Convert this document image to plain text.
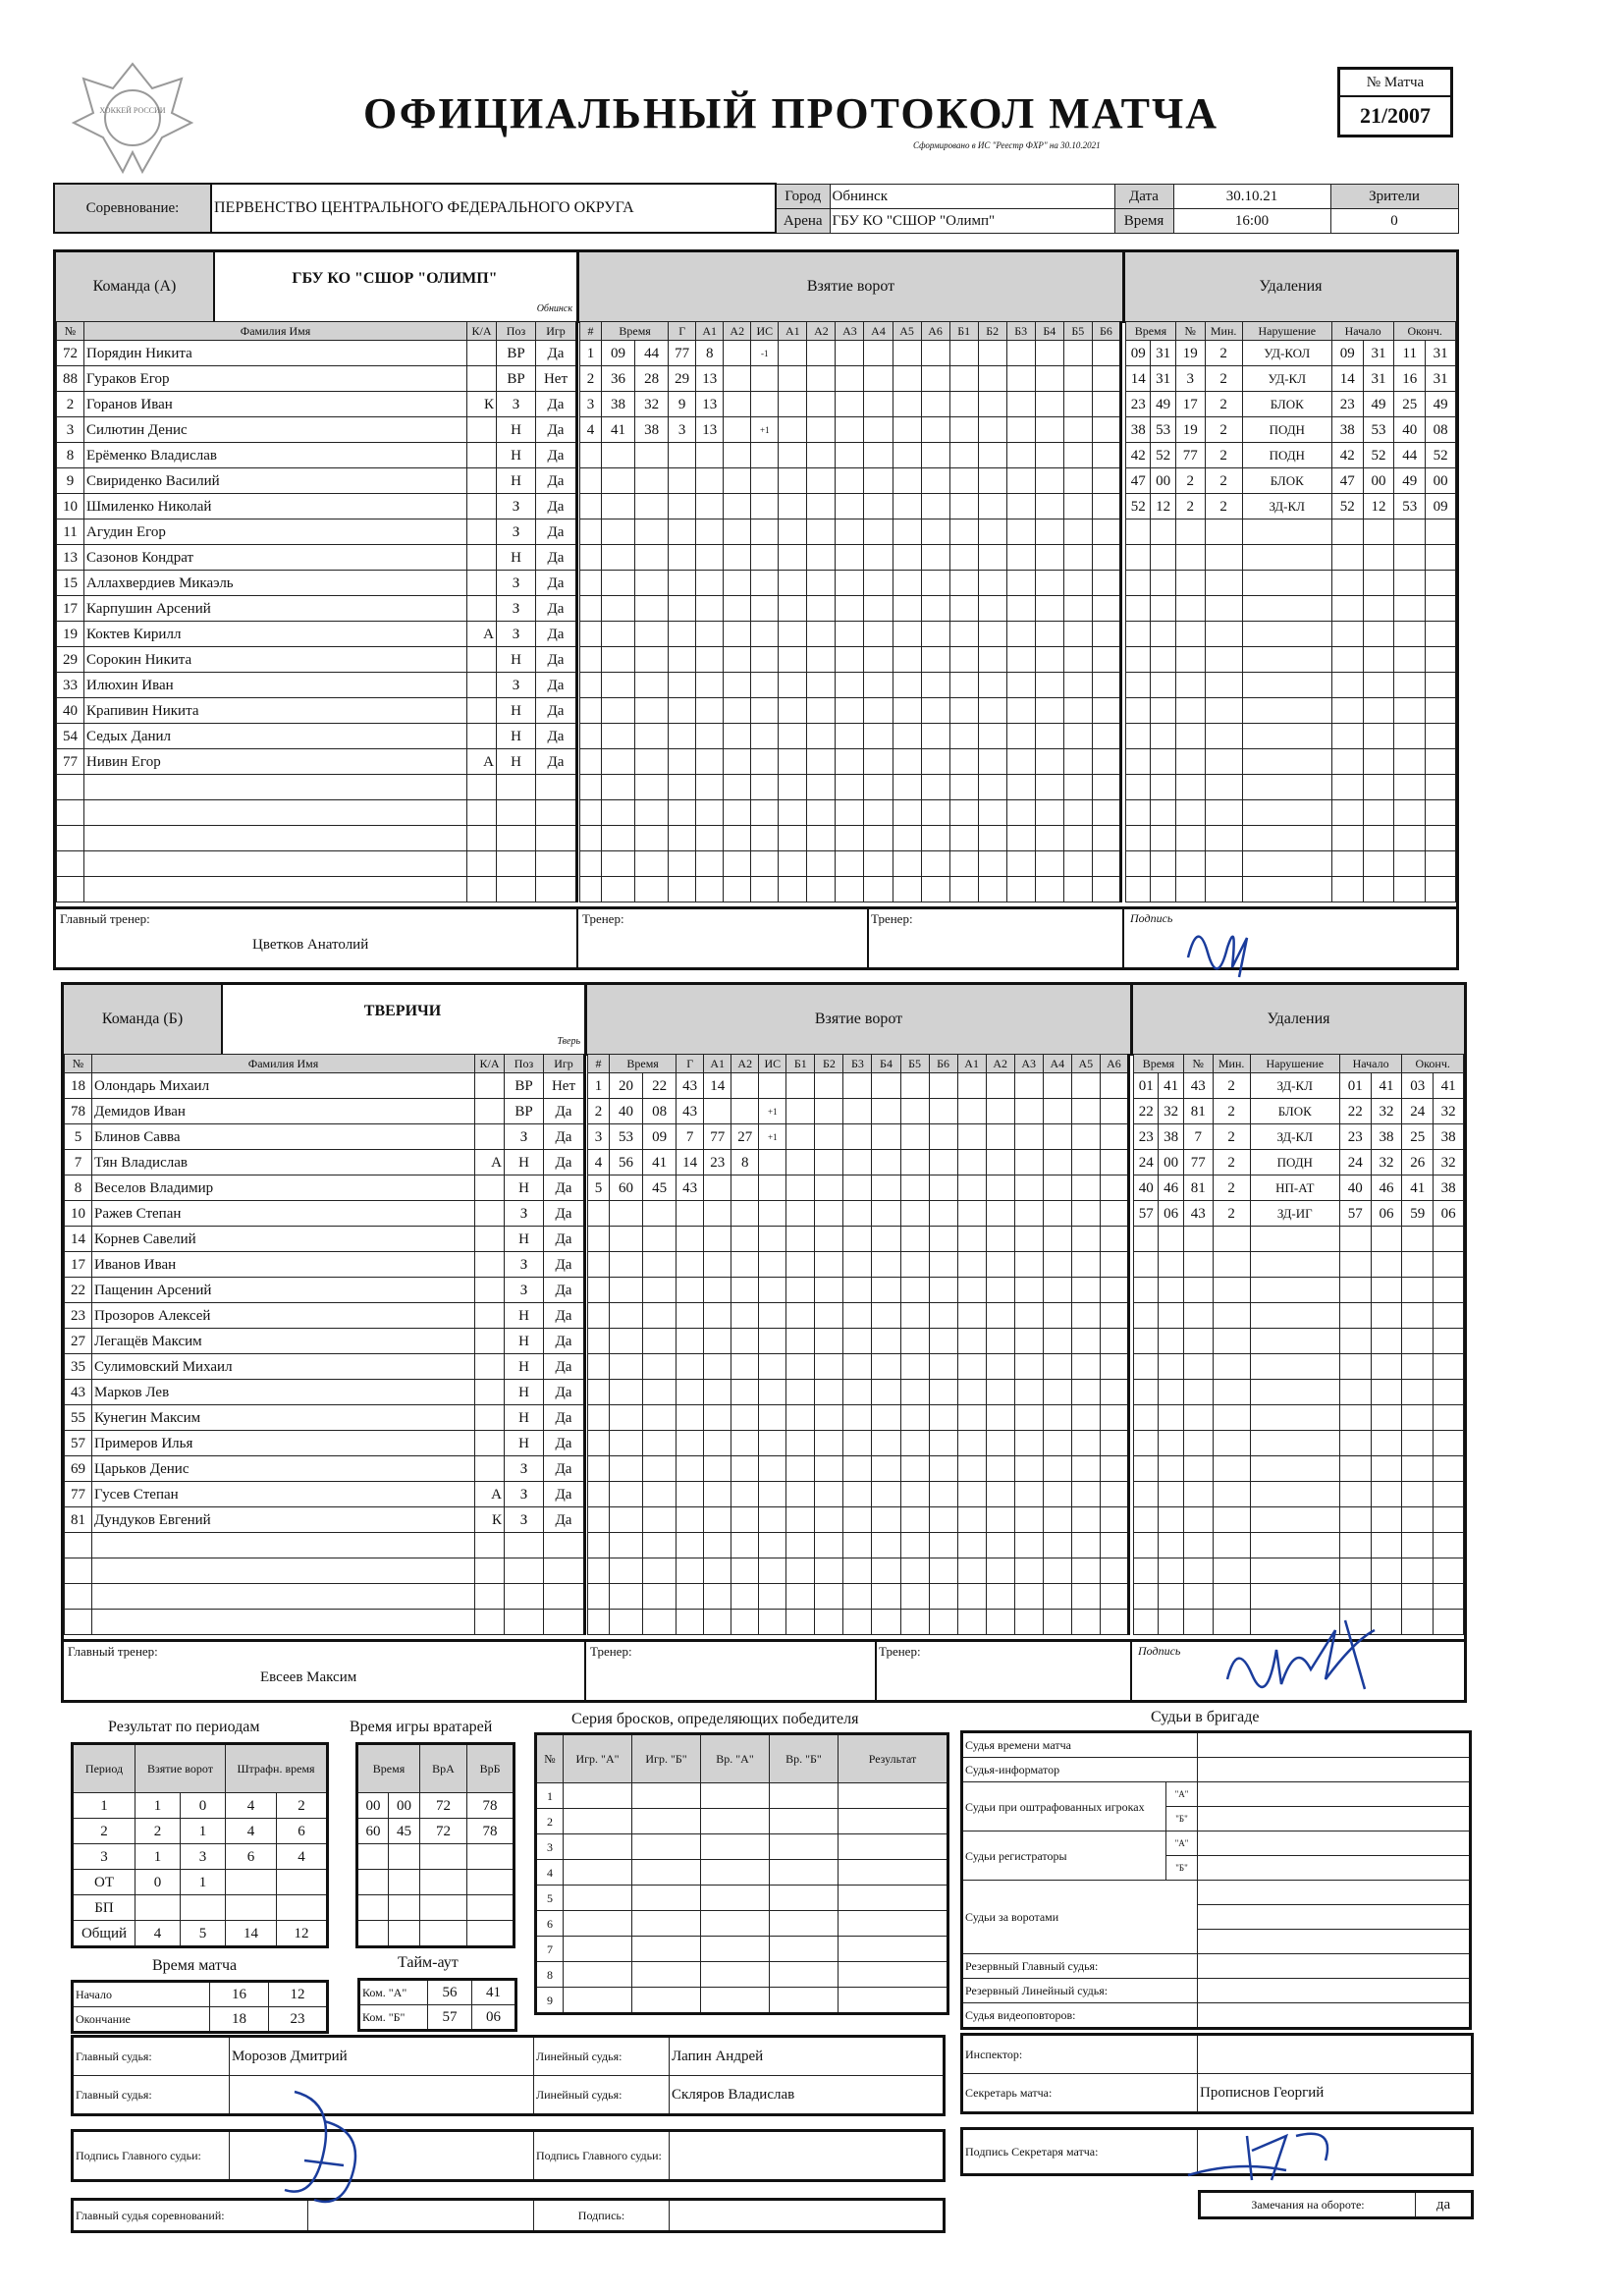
ХОККЕЙ РОССИИ	ОФИЦИАЛЬНЫЙ ПРОТОКОЛ МАТЧА
Сформировано в ИС "Реестр ФХР" на 30.10.2021
№ Матча
21/2007
Соревнование:	ПЕРВЕНСТВО ЦЕНТРАЛЬНОГО ФЕДЕРАЛЬНОГО ОКРУГА	Город	Обнинск	Дата	30.10.21	Зрители
		Арена	ГБУ КО "СШОР "Олимп"	Время	16:00	0
Команда (А)	ГБУ КО "СШОР "ОЛИМП"
Обнинск
Взятие ворот	Удаления
№	Фамилия Имя	К/А	Поз	Игр
72	Порядин Никита		ВР	Да
88	Гураков Егор		ВР	Нет
2	Горанов Иван	К	З	Да
3	Силютин Денис		Н	Да
8	Ерёменко Владислав		Н	Да
9	Свириденко Василий		Н	Да
10	Шмиленко Николай		З	Да
11	Агудин Егор		З	Да
13	Сазонов Кондрат		Н	Да
15	Аллахвердиев Микаэль		З	Да
17	Карпушин Арсений		З	Да
19	Коктев Кирилл	А	З	Да
29	Сорокин Никита		Н	Да
33	Илюхин Иван		З	Да
40	Крапивин Никита		Н	Да
54	Седых Данил		Н	Да
77	Нивин Егор	А	Н	Да

#	Время		Г	А1	А2	ИС	А1	А2	А3	А4	А5	А6	Б1	Б2	Б3	Б4	Б5	Б6
1	09	44	77	8		-1												
2	36	28	29	13														
3	38	32	9	13														
4	41	38	3	13		+1												

Время		№	Мин.	Нарушение	Начало		Оконч.	
09	31	19	2	УД-КОЛ	09	31	11	31
14	31	3	2	УД-КЛ	14	31	16	31
23	49	17	2	БЛОК	23	49	25	49
38	53	19	2	ПОДН	38	53	40	08
42	52	77	2	ПОДН	42	52	44	52
47	00	2	2	БЛОК	47	00	49	00
52	12	2	2	ЗД-КЛ	52	12	53	09

Главный тренер:
Цветков Анатолий
Тренер:	Тренер:	Подпись
Команда (Б)	ТВЕРИЧИ
Тверь
Взятие ворот	Удаления
№	Фамилия Имя	К/А	Поз	Игр
18	Олондарь Михаил		ВР	Нет
78	Демидов Иван		ВР	Да
5	Блинов Савва		З	Да
7	Тян Владислав	А	Н	Да
8	Веселов Владимир		Н	Да
10	Ражев Степан		З	Да
14	Корнев Савелий		Н	Да
17	Иванов Иван		З	Да
22	Пащенин Арсений		З	Да
23	Прозоров Алексей		Н	Да
27	Легащёв Максим		Н	Да
35	Сулимовский Михаил		Н	Да
43	Марков Лев		Н	Да
55	Кунегин Максим		Н	Да
57	Примеров Илья		Н	Да
69	Царьков Денис		З	Да
77	Гусев Степан	А	З	Да
81	Дундуков Евгений	К	З	Да

#	Время		Г	А1	А2	ИС	Б1	Б2	Б3	Б4	Б5	Б6	А1	А2	А3	А4	А5	А6
1	20	22	43	14														
2	40	08	43			+1												
3	53	09	7	77	27	+1												
4	56	41	14	23	8													
5	60	45	43															

Время		№	Мин.	Нарушение	Начало		Оконч.	
01	41	43	2	ЗД-КЛ	01	41	03	41
22	32	81	2	БЛОК	22	32	24	32
23	38	7	2	ЗД-КЛ	23	38	25	38
24	00	77	2	ПОДН	24	32	26	32
40	46	81	2	НП-АТ	40	46	41	38
57	06	43	2	ЗД-ИГ	57	06	59	06

Главный тренер:
Евсеев Максим
Тренер:	Тренер:	Подпись
Результат по периодам
Период	Взятие ворот		Штрафн. время	
1	1	0	4	2
2	2	1	4	6
3	1	3	6	4
ОТ	0	1		
БП				
Общий	4	5	14	12
Время матча
Начало	16	12
Окончание	18	23
Время игры вратарей
Время		ВрА	ВрБ
00	00	72	78
60	45	72	78

Тайм-аут
Ком. "А"	56	41
Ком. "Б"	57	06
Серия бросков, определяющих победителя
№	Игр. "А"	Игр. "Б"	Вр. "А"	Вр. "Б"	Результат
1					
2					
3					
4					
5					
6					
7					
8					
9					
Судьи в бригаде
Судья времени матча		
Судья-информатор		
Судьи при оштрафованных игроках	"А"	
	"Б"	
Судьи регистраторы	"А"	
	"Б"	
Судьи за воротами		

Резервный Главный судья:		
Резервный Линейный судья:		
Судья видеоповторов:		
Главный судья:	Морозов Дмитрий	Линейный судья:	Лапин Андрей
Главный судья:		Линейный судья:	Скляров Владислав
Подпись Главного судьи:		Подпись Главного судьи:	
Главный судья соревнований:		Подпись:	
Инспектор:	
Секретарь матча:	Прописнов Георгий
Подпись Секретаря матча:	
Замечания на обороте:	да
